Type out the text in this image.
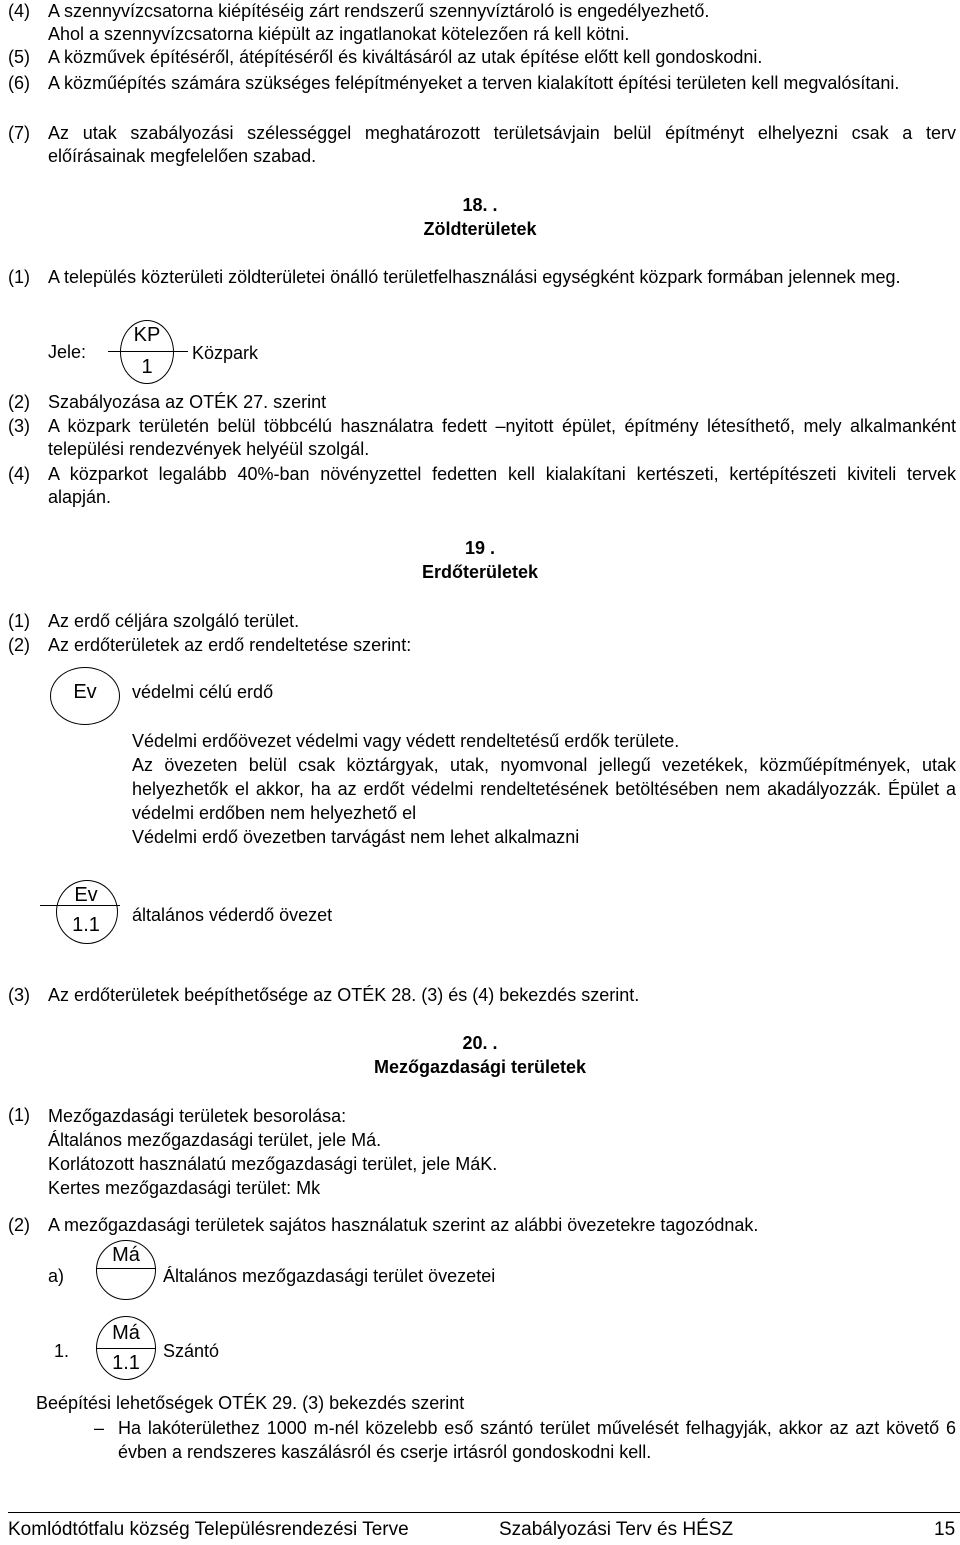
(4) A szennyvízcsatorna kiépítéséig zárt rendszerű szennyvíztároló is engedélyezhető.
Ahol a szennyvízcsatorna kiépült az ingatlanokat kötelezően rá kell kötni.
(5) A közművek építéséről, átépítéséről és kiváltásáról az utak építése előtt kell gondoskodni.
(6) A közműépítés számára szükséges felépítményeket a terven kialakított építési területen kell megvalósítani.
(7) Az utak szabályozási szélességgel meghatározott területsávjain belül építményt elhelyezni csak a terv előírásainak megfelelően szabad.
18. .
Zöldterületek
(1) A település közterületi zöldterületei önálló területfelhasználási egységként közpark formában jelennek meg.
Jele:
KP
1
Közpark
(2) Szabályozása az OTÉK 27. szerint
(3) A közpark területén belül többcélú használatra fedett –nyitott épület, építmény létesíthető, mely alkalmanként települési rendezvények helyéül szolgál.
(4) A közparkot legalább 40%-ban növényzettel fedetten kell kialakítani kertészeti, kertépítészeti kiviteli tervek alapján.
19 .
Erdőterületek
(1) Az erdő céljára szolgáló terület.
(2) Az erdőterületek az erdő rendeltetése szerint:
Ev	védelmi célú erdő
Védelmi erdőövezet védelmi vagy védett rendeltetésű erdők területe.
Az övezeten belül csak köztárgyak, utak, nyomvonal jellegű vezetékek, közműépítmények, utak helyezhetők el akkor, ha az erdőt védelmi rendeltetésének betöltésében nem akadályozzák. Épület a védelmi erdőben nem helyezhető el
Védelmi erdő övezetben tarvágást nem lehet alkalmazni
Ev
1.1	általános véderdő övezet
(3) Az erdőterületek beépíthetősége az OTÉK 28. (3) és (4) bekezdés szerint.
20. .
Mezőgazdasági területek
(1) Mezőgazdasági területek besorolása:
Általános mezőgazdasági terület, jele Má.
Korlátozott használatú mezőgazdasági terület, jele MáK.
Kertes mezőgazdasági terület: Mk
(2) A mezőgazdasági területek sajátos használatuk szerint az alábbi övezetekre tagozódnak.
a)
Má
Általános mezőgazdasági terület övezetei
1.
Má
1.1
Szántó
Beépítési lehetőségek OTÉK 29. (3) bekezdés szerint
– Ha lakóterülethez 1000 m-nél közelebb eső szántó terület művelését felhagyják, akkor az azt követő 6 évben a rendszeres kaszálásról és cserje irtásról gondoskodni kell.
Komlódtótfalu község Településrendezési Terve	Szabályozási Terv és HÉSZ	15
